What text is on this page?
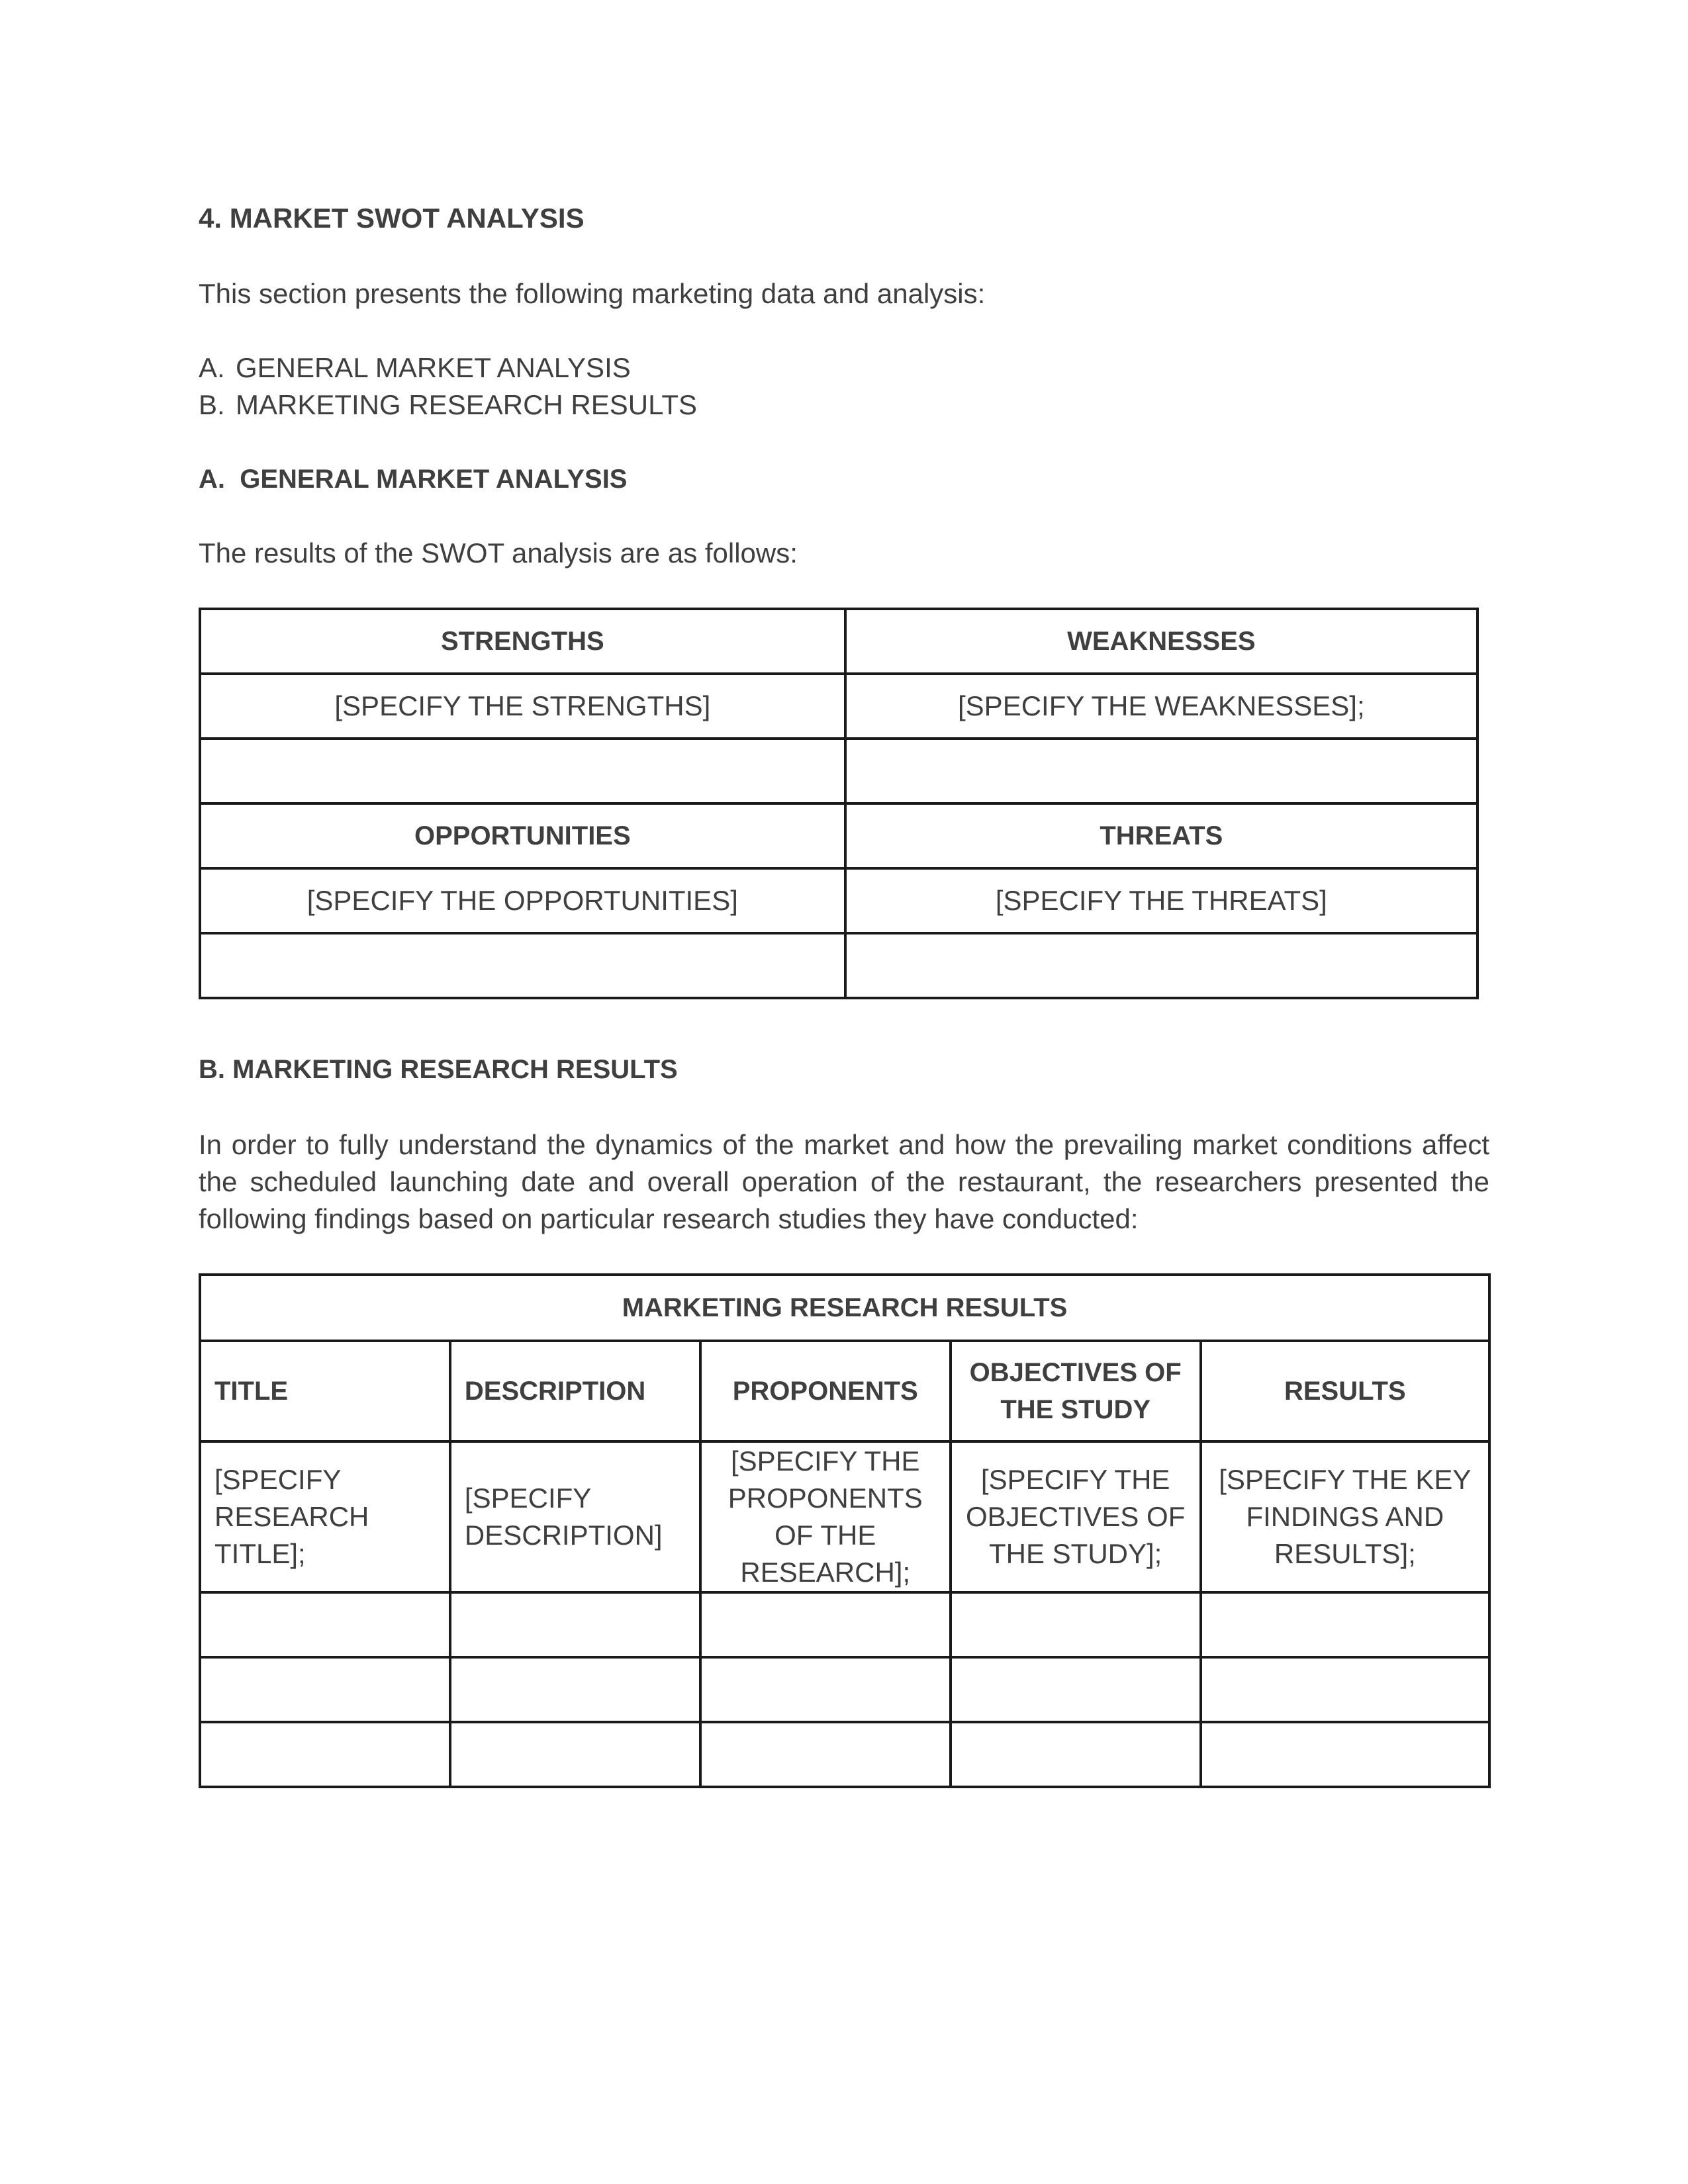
4. MARKET SWOT ANALYSIS

This section presents the following marketing data and analysis:

A. GENERAL MARKET ANALYSIS
B. MARKETING RESEARCH RESULTS
A.  GENERAL MARKET ANALYSIS

The results of the SWOT analysis are as follows:

STRENGTHS	WEAKNESSES
[SPECIFY THE STRENGTHS]	[SPECIFY THE WEAKNESSES];

OPPORTUNITIES	THREATS
[SPECIFY THE OPPORTUNITIES]	[SPECIFY THE THREATS]

B. MARKETING RESEARCH RESULTS

In order to fully understand the dynamics of the market and how the prevailing market conditions affect the scheduled launching date and overall operation of the restaurant, the researchers presented the following findings based on particular research studies they have conducted:

MARKETING RESEARCH RESULTS				
TITLE	DESCRIPTION	PROPONENTS	OBJECTIVES OF THE STUDY	RESULTS
[SPECIFY RESEARCH TITLE];	[SPECIFY DESCRIPTION]	[SPECIFY THE PROPONENTS OF THE RESEARCH];	[SPECIFY THE OBJECTIVES OF THE STUDY];	[SPECIFY THE KEY FINDINGS AND RESULTS];
